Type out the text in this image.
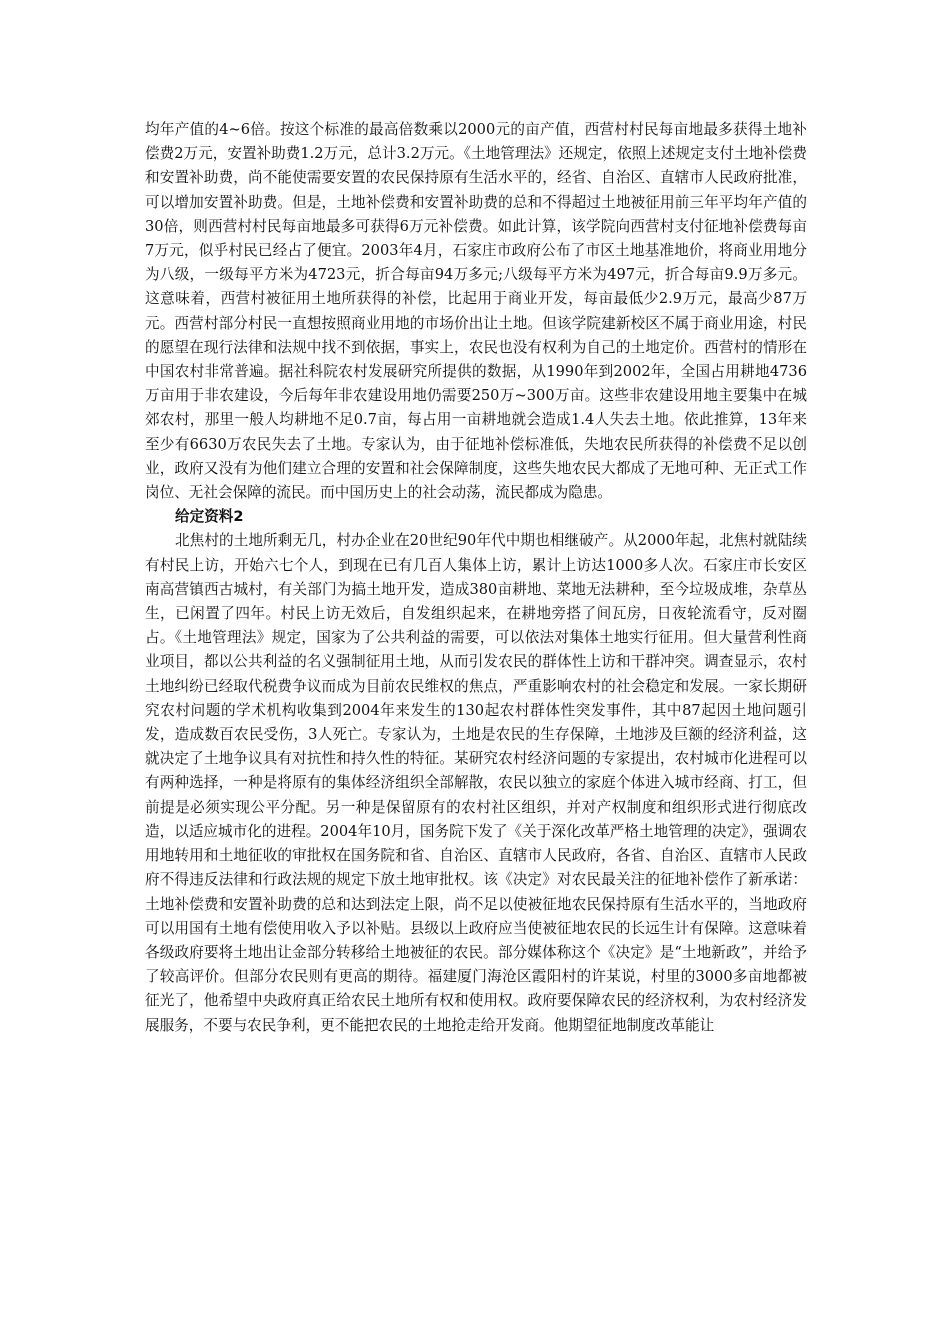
均年产值的4~6倍。按这个标准的最高倍数乘以2000元的亩产值，西营村村民每亩地最多获得土地补偿费2万元，安置补助费1.2万元，总计3.2万元。《土地管理法》还规定，依照上述规定支付土地补偿费和安置补助费，尚不能使需要安置的农民保持原有生活水平的，经省、自治区、直辖市人民政府批准，可以增加安置补助费。但是，土地补偿费和安置补助费的总和不得超过土地被征用前三年平均年产值的30倍，则西营村村民每亩地最多可获得6万元补偿费。如此计算，该学院向西营村支付征地补偿费每亩7万元，似乎村民已经占了便宜。2003年4月，石家庄市政府公布了市区土地基准地价，将商业用地分为八级，一级每平方米为4723元，折合每亩94万多元;八级每平方米为497元，折合每亩9.9万多元。这意味着，西营村被征用土地所获得的补偿，比起用于商业开发，每亩最低少2.9万元，最高少87万元。西营村部分村民一直想按照商业用地的市场价出让土地。但该学院建新校区不属于商业用途，村民的愿望在现行法律和法规中找不到依据，事实上，农民也没有权利为自己的土地定价。西营村的情形在中国农村非常普遍。据社科院农村发展研究所提供的数据，从1990年到2002年，全国占用耕地4736万亩用于非农建设，今后每年非农建设用地仍需要250万~300万亩。这些非农建设用地主要集中在城郊农村，那里一般人均耕地不足0.7亩，每占用一亩耕地就会造成1.4人失去土地。依此推算，13年来至少有6630万农民失去了土地。专家认为，由于征地补偿标准低，失地农民所获得的补偿费不足以创业，政府又没有为他们建立合理的安置和社会保障制度，这些失地农民大都成了无地可种、无正式工作岗位、无社会保障的流民。而中国历史上的社会动荡，流民都成为隐患。

给定资料2

北焦村的土地所剩无几，村办企业在20世纪90年代中期也相继破产。从2000年起，北焦村就陆续有村民上访，开始六七个人，到现在已有几百人集体上访，累计上访达1000多人次。石家庄市长安区南高营镇西古城村，有关部门为搞土地开发，造成380亩耕地、菜地无法耕种，至今垃圾成堆，杂草丛生，已闲置了四年。村民上访无效后，自发组织起来，在耕地旁搭了间瓦房，日夜轮流看守，反对圈占。《土地管理法》规定，国家为了公共利益的需要，可以依法对集体土地实行征用。但大量营利性商业项目，都以公共利益的名义强制征用土地，从而引发农民的群体性上访和干群冲突。调查显示，农村土地纠纷已经取代税费争议而成为目前农民维权的焦点，严重影响农村的社会稳定和发展。一家长期研究农村问题的学术机构收集到2004年来发生的130起农村群体性突发事件，其中87起因土地问题引发，造成数百农民受伤，3人死亡。专家认为，土地是农民的生存保障，土地涉及巨额的经济利益，这就决定了土地争议具有对抗性和持久性的特征。某研究农村经济问题的专家提出，农村城市化进程可以有两种选择，一种是将原有的集体经济组织全部解散，农民以独立的家庭个体进入城市经商、打工，但前提是必须实现公平分配。另一种是保留原有的农村社区组织，并对产权制度和组织形式进行彻底改造，以适应城市化的进程。2004年10月，国务院下发了《关于深化改革严格土地管理的决定》，强调农用地转用和土地征收的审批权在国务院和省、自治区、直辖市人民政府，各省、自治区、直辖市人民政府不得违反法律和行政法规的规定下放土地审批权。该《决定》对农民最关注的征地补偿作了新承诺：土地补偿费和安置补助费的总和达到法定上限，尚不足以使被征地农民保持原有生活水平的，当地政府可以用国有土地有偿使用收入予以补贴。县级以上政府应当使被征地农民的长远生计有保障。这意味着各级政府要将土地出让金部分转移给土地被征的农民。部分媒体称这个《决定》是“土地新政”，并给予了较高评价。但部分农民则有更高的期待。福建厦门海沧区霞阳村的许某说，村里的3000多亩地都被征光了，他希望中央政府真正给农民土地所有权和使用权。政府要保障农民的经济权利，为农村经济发展服务，不要与农民争利，更不能把农民的土地抢走给开发商。他期望征地制度改革能让
